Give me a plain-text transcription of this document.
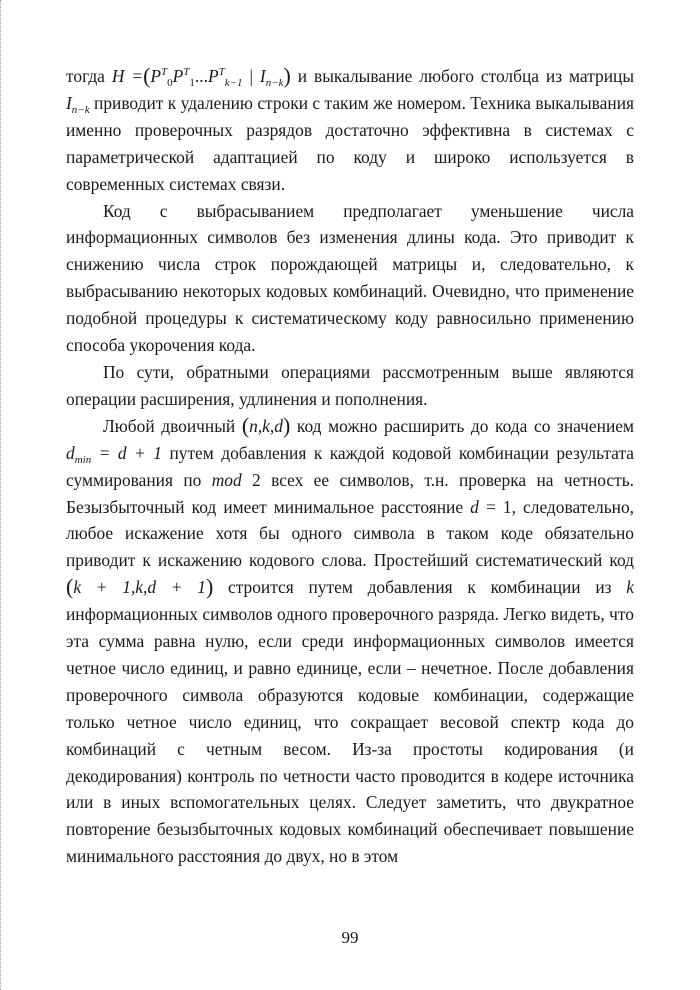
тогда $H =(P^T_0P^T_1...P^T_{k-1}$ | $I_{n-k}$) и выкалывание любого столбца из матрицы $I_{n-k}$ приводит к удалению строки с таким же номером. Техника выкалывания именно проверочных разрядов достаточно эффективна в системах с параметрической адаптацией по коду и широко используется в современных системах связи.

Код с выбрасыванием предполагает уменьшение числа информационных символов без изменения длины кода. Это приводит к снижению числа строк порождающей матрицы и, следовательно, к выбрасыванию некоторых кодовых комбинаций. Очевидно, что применение подобной процедуры к систематическому коду равносильно применению способа укорочения кода.

По сути, обратными операциями рассмотренным выше являются операции расширения, удлинения и пополнения.

Любой двоичный (n,k,d) код можно расширить до кода со значением $d_{min} = d + 1$ путем добавления к каждой кодовой комбинации результата суммирования по mod 2 всех ее символов, т.н. проверка на четность. Безызбыточный код имеет минимальное расстояние d = 1, следовательно, любое искажение хотя бы одного символа в таком коде обязательно приводит к искажению кодового слова. Простейший систематический код (k + 1,k,d + 1) строится путем добавления к комбинации из k информационных символов одного проверочного разряда. Легко видеть, что эта сумма равна нулю, если среди информационных символов имеется четное число единиц, и равно единице, если – нечетное. После добавления проверочного символа образуются кодовые комбинации, содержащие только четное число единиц, что сокращает весовой спектр кода до комбинаций с четным весом. Из-за простоты кодирования (и декодирования) контроль по четности часто проводится в кодере источника или в иных вспомогательных целях. Следует заметить, что двукратное повторение безызбыточных кодовых комбинаций обеспечивает повышение минимального расстояния до двух, но в этом

99
